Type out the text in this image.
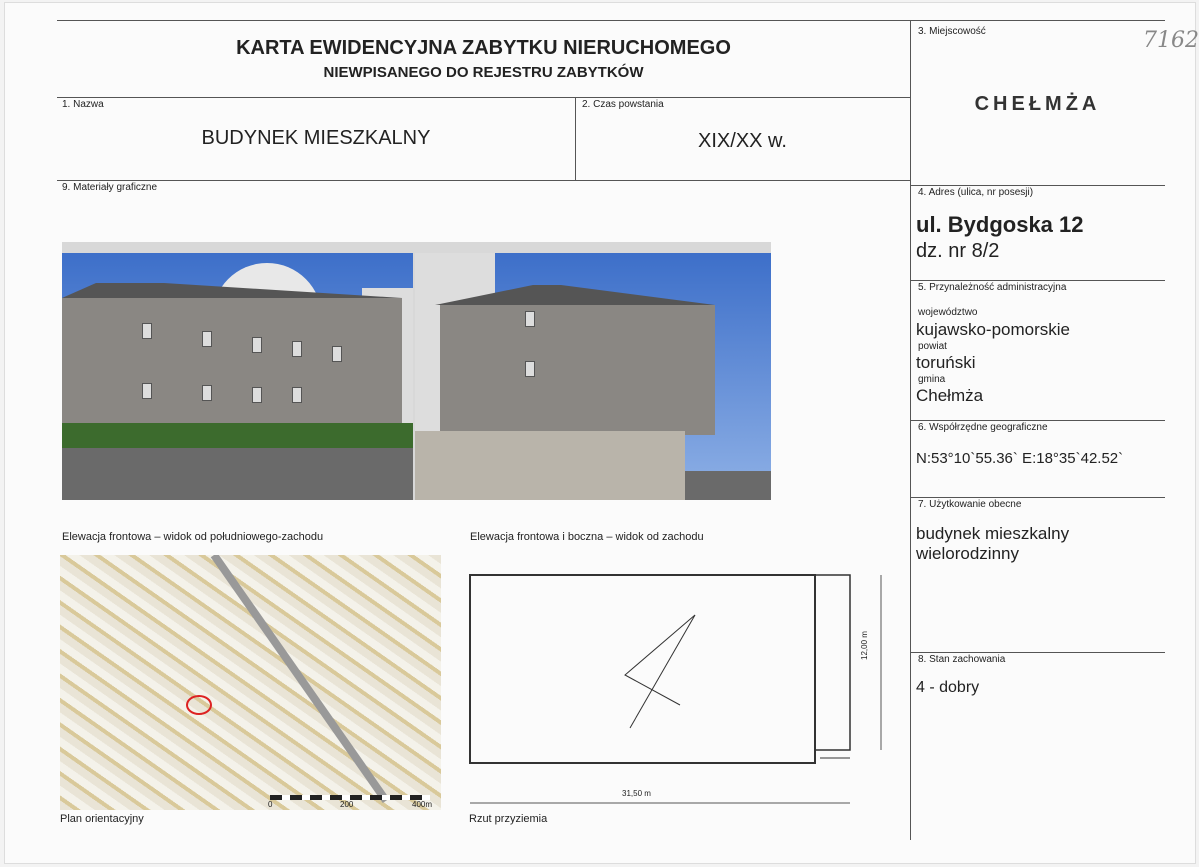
KARTA EWIDENCYJNA ZABYTKU NIERUCHOMEGO
NIEWPISANEGO DO REJESTRU ZABYTKÓW
7162
1. Nazwa
BUDYNEK MIESZKALNY
2. Czas powstania
XIX/XX w.
9. Materiały graficzne
3. Miejscowość
CHEŁMŻA
4. Adres (ulica, nr posesji)
ul. Bydgoska 12
dz. nr 8/2
5. Przynależność administracyjna
województwo
kujawsko-pomorskie
powiat
toruński
gmina
Chełmża
6. Współrzędne geograficzne
N:53°10`55.36` E:18°35`42.52`
7. Użytkowanie obecne
budynek mieszkalny
wielorodzinny
8. Stan zachowania
4 - dobry
Elewacja frontowa – widok od południowego-zachodu	Elewacja frontowa i boczna – widok od zachodu
0	200	400m
Plan orientacyjny
31,50 m
12,00 m
Rzut przyziemia
